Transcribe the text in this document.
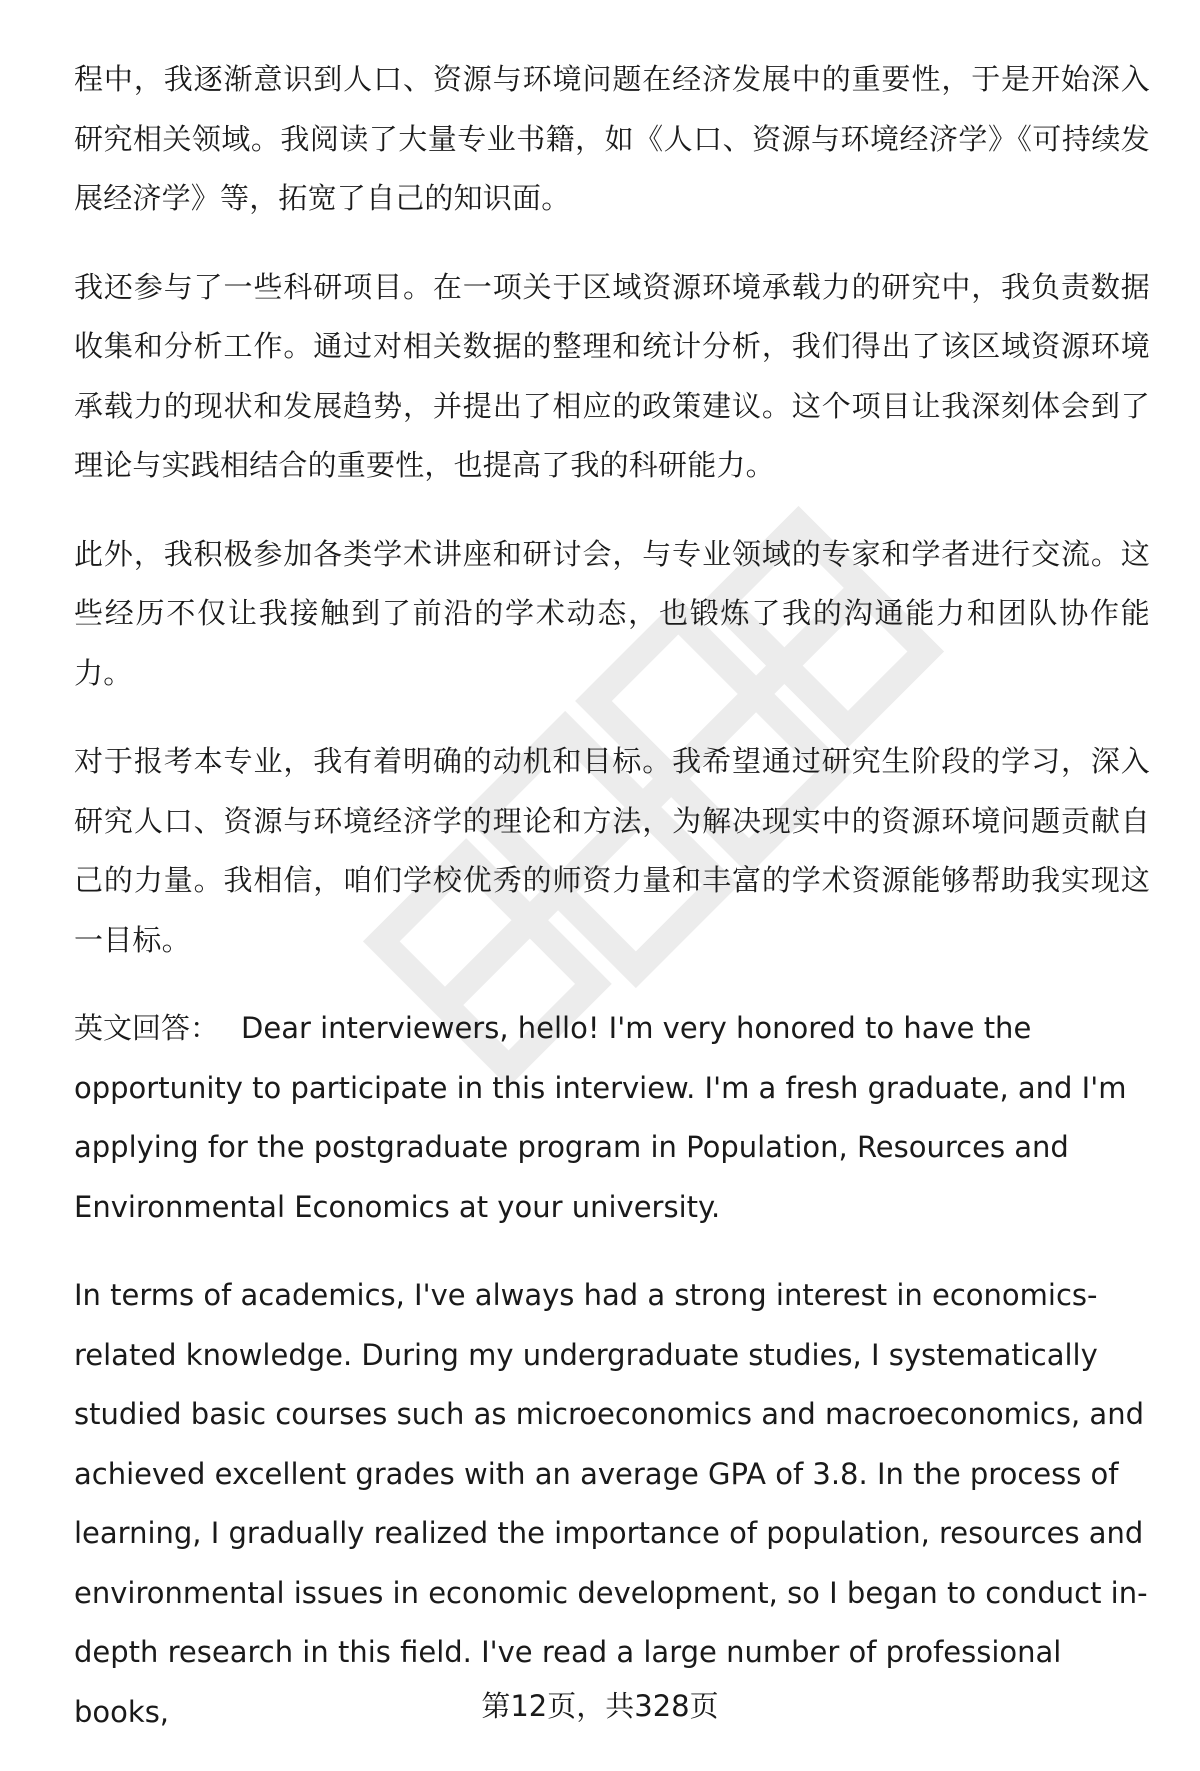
程中，我逐渐意识到人口、资源与环境问题在经济发展中的重要性，于是开始深入研究相关领域。我阅读了大量专业书籍，如《人口、资源与环境经济学》《可持续发展经济学》等，拓宽了自己的知识面。

我还参与了一些科研项目。在一项关于区域资源环境承载力的研究中，我负责数据收集和分析工作。通过对相关数据的整理和统计分析，我们得出了该区域资源环境承载力的现状和发展趋势，并提出了相应的政策建议。这个项目让我深刻体会到了理论与实践相结合的重要性，也提高了我的科研能力。

此外，我积极参加各类学术讲座和研讨会，与专业领域的专家和学者进行交流。这些经历不仅让我接触到了前沿的学术动态，也锻炼了我的沟通能力和团队协作能力。

对于报考本专业，我有着明确的动机和目标。我希望通过研究生阶段的学习，深入研究人口、资源与环境经济学的理论和方法，为解决现实中的资源环境问题贡献自己的力量。我相信，咱们学校优秀的师资力量和丰富的学术资源能够帮助我实现这一目标。

英文回答： Dear interviewers, hello! I'm very honored to have the opportunity to participate in this interview. I'm a fresh graduate, and I'm applying for the postgraduate program in Population, Resources and Environmental Economics at your university.

In terms of academics, I've always had a strong interest in economics-related knowledge. During my undergraduate studies, I systematically studied basic courses such as microeconomics and macroeconomics, and achieved excellent grades with an average GPA of 3.8. In the process of learning, I gradually realized the importance of population, resources and environmental issues in economic development, so I began to conduct in-depth research in this field. I've read a large number of professional books,	第12页，共328页
